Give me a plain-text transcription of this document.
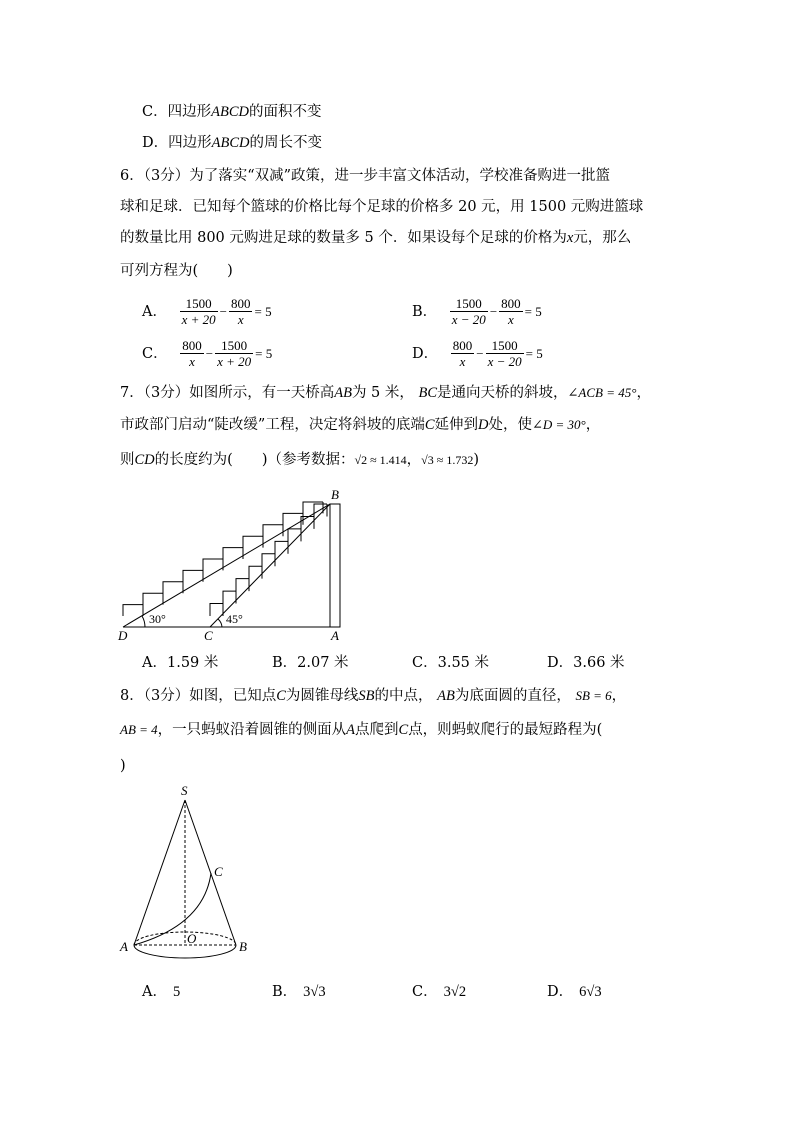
C．四边形ABCD的面积不变
D．四边形ABCD的周长不变
6．（3分）为了落实“双减”政策，进一步丰富文体活动，学校准备购进一批篮
球和足球．已知每个篮球的价格比每个足球的价格多 20 元，用 1500 元购进篮球
的数量比用 800 元购进足球的数量多 5 个．如果设每个足球的价格为x元，那么
可列方程为(　　)
A． $\frac{1500}{x + 20} - \frac{800}{x} = 5$	B． $\frac{1500}{x - 20} - \frac{800}{x} = 5$
C． $\frac{800}{x} - \frac{1500}{x + 20} = 5$	D． $\frac{800}{x} - \frac{1500}{x - 20} = 5$
7．（3分）如图所示，有一天桥高AB为 5 米， BC是通向天桥的斜坡，∠ACB = 45°，
市政部门启动“陡改缓”工程，决定将斜坡的底端C延伸到D处，使∠D = 30°，
则CD的长度约为(　　)（参考数据：√2 ≈ 1.414，√3 ≈ 1.732)
D	C	A
B
30°	45°
A．1.59 米	B．2.07 米	C．3.55 米	D．3.66 米
8．（3分）如图，已知点C为圆锥母线SB的中点， AB为底面圆的直径， SB = 6，
AB = 4，一只蚂蚁沿着圆锥的侧面从A点爬到C点，则蚂蚁爬行的最短路程为(
)
S
C
A
O
B
A． 5	B． 3√3	C． 3√2	D． 6√3
